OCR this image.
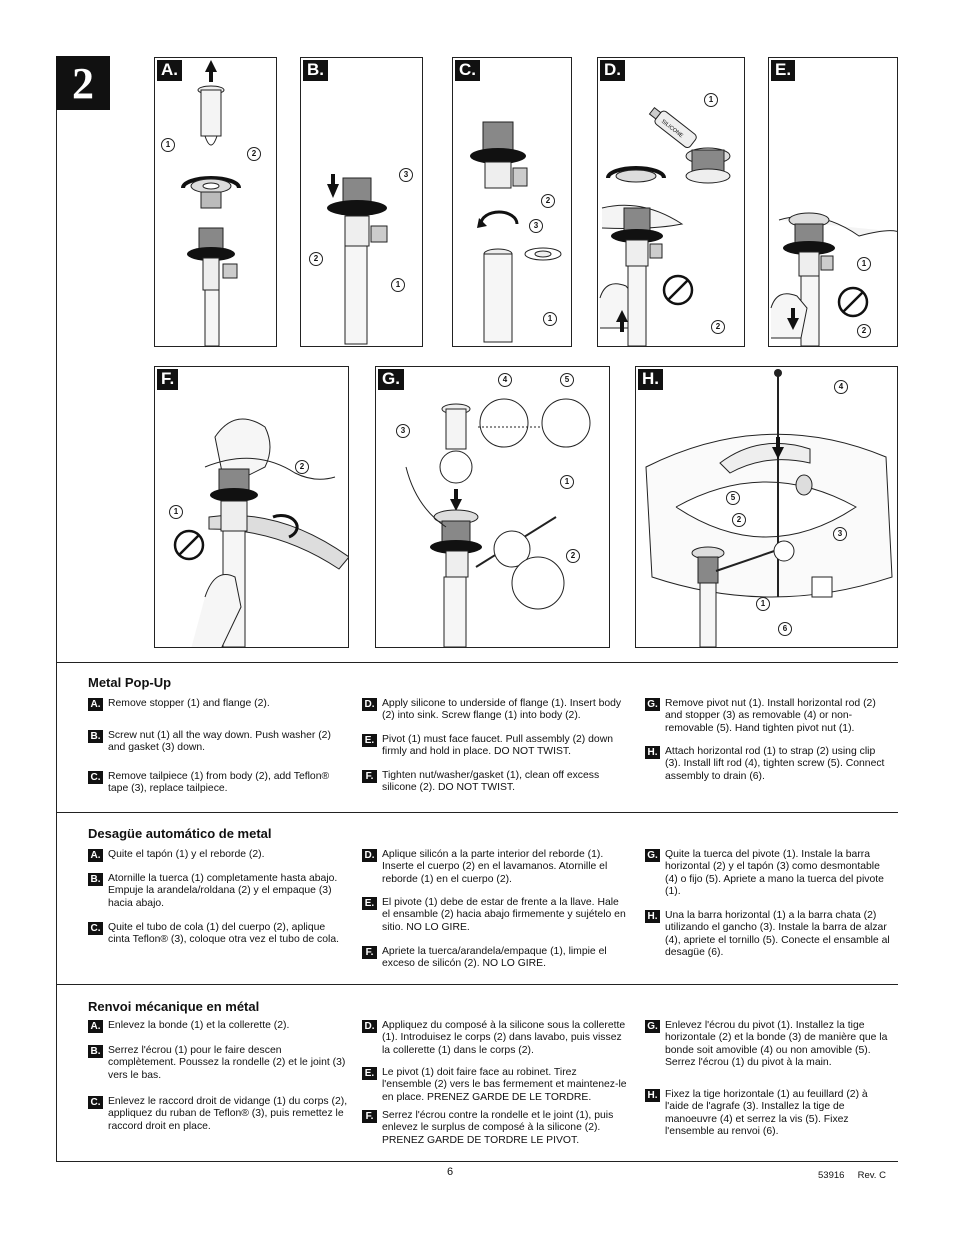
2
1
2
A.
3
2
1
B.
2
3
1
C.
SILICONE
1
2
D.
1
2
E.
2
1
F.	4	5
3
1
2
G.	4
5
2
3
1
6
H.
Metal Pop-Up
A. Remove stopper (1) and flange (2).
B. Screw nut (1) all the way down. Push washer (2) and gasket (3) down.
C. Remove tailpiece (1) from body (2), add Teflon® tape (3), replace tailpiece.
D. Apply silicone to underside of flange (1). Insert body (2) into sink. Screw flange (1) into body (2).
E. Pivot (1) must face faucet. Pull assembly (2) down firmly and hold in place. DO NOT TWIST.
F. Tighten nut/washer/gasket (1), clean off excess silicone (2). DO NOT TWIST.
G. Remove pivot nut (1). Install horizontal rod (2) and stopper (3) as removable (4) or non-removable (5). Hand tighten pivot nut (1).
H. Attach horizontal rod (1) to strap (2) using clip (3). Install lift rod (4), tighten screw (5). Connect assembly to drain (6).
Desagüe automático de metal
A. Quite el tapón (1) y el reborde (2).
B. Atornille la tuerca (1) completamente hasta abajo. Empuje la arandela/roldana (2) y el empaque (3) hacia abajo.
C. Quite el tubo de cola (1) del cuerpo (2), aplique cinta Teflon® (3), coloque otra vez el tubo de cola.
D. Aplique silicón a la parte interior del reborde (1). Inserte el cuerpo (2) en el lavamanos. Atornille el reborde (1) en el cuerpo (2).
E. El pivote (1) debe de estar de frente a la llave. Hale el ensamble (2) hacia abajo firmemente y sujételo en sitio. NO LO GIRE.
F. Apriete la tuerca/arandela/empaque (1), limpie el exceso de silicón (2). NO LO GIRE.
G. Quite la tuerca del pivote (1). Instale la barra horizontal (2) y el tapón (3) como desmontable (4) o fijo (5). Apriete a mano la tuerca del pivote (1).
H. Una la barra horizontal (1) a la barra chata (2) utilizando el gancho (3). Instale la barra de alzar (4), apriete el tornillo (5). Conecte el ensamble al desagüe (6).
Renvoi mécanique en métal
A. Enlevez la bonde (1) et la collerette (2).
B. Serrez l'écrou (1) pour le faire descen complètement. Poussez la rondelle (2) et le joint (3) vers le bas.
C. Enlevez le raccord droit de vidange (1) du corps (2), appliquez du ruban de Teflon® (3), puis remettez le raccord droit en place.
D. Appliquez du composé à la silicone sous la collerette (1). Introduisez le corps (2) dans lavabo, puis vissez la collerette (1) dans le corps (2).
E. Le pivot (1) doit faire face au robinet. Tirez l'ensemble (2) vers le bas fermement et maintenez-le en place. PRENEZ GARDE DE LE TORDRE.
F. Serrez l'écrou contre la rondelle et le joint (1), puis enlevez le surplus de composé à la silicone (2). PRENEZ GARDE DE TORDRE LE PIVOT.
G. Enlevez l'écrou du pivot (1). Installez la tige horizontale (2) et la bonde (3) de manière que la bonde soit amovible (4) ou non amovible (5). Serrez l'écrou (1) du pivot à la main.
H. Fixez la tige horizontale (1) au feuillard (2) à l'aide de l'agrafe (3). Installez la tige de manoeuvre (4) et serrez la vis (5). Fixez l'ensemble au renvoi (6).
6	53916     Rev. C
